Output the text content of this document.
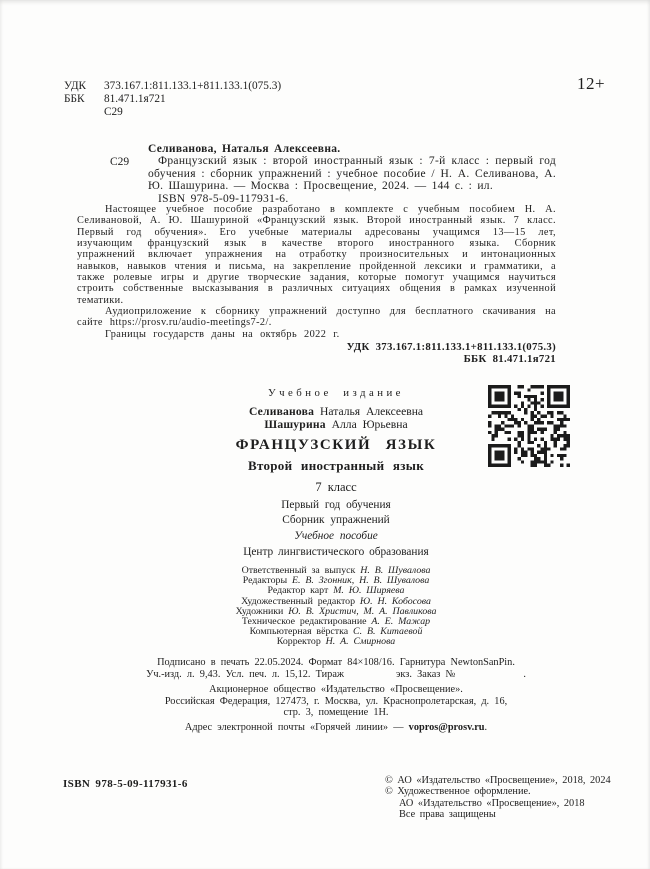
УДК 373.167.1:811.133.1+811.133.1(075.3)
ББК 81.471.1я721
С29
12+
С29
Селиванова, Наталья Алексеевна.
Французский язык : второй иностранный язык : 7-й класс : первый год обучения : сборник упражнений : учебное пособие / Н. А. Селиванова, А. Ю. Шашурина. — Москва : Просвещение, 2024. — 144 с. : ил.
ISBN 978-5-09-117931-6.

Настоящее учебное пособие разработано в комплекте с учебным пособием Н. А. Селивановой, А. Ю. Шашуриной «Французский язык. Второй иностранный язык. 7 класс. Первый год обучения». Его учебные материалы адресованы учащимся 13—15 лет, изучающим французский язык в качестве второго иностранного языка. Сборник упражнений включает упражнения на отработку произносительных и интонационных навыков, навыков чтения и письма, на закрепление пройденной лексики и грамматики, а также ролевые игры и другие творческие задания, которые помогут учащимся научиться строить собственные высказывания в различных ситуациях общения в рамках изученной тематики.

Аудиоприложение к сборнику упражнений доступно для бесплатного скачивания на сайте https://prosv.ru/audio-meetings7-2/.

Границы государств даны на октябрь 2022 г.

УДК 373.167.1:811.133.1+811.133.1(075.3)
ББК 81.471.1я721
Учебное издание
Селиванова Наталья Алексеевна
Шашурина Алла Юрьевна
ФРАНЦУЗСКИЙ ЯЗЫК
Второй иностранный язык
7 класс
Первый год обучения
Сборник упражнений
Учебное пособие
Центр лингвистического образования
Ответственный за выпуск Н. В. Шувалова
Редакторы Е. В. Згонник, Н. В. Шувалова
Редактор карт М. Ю. Ширяева
Художественный редактор Ю. Н. Кобосова
Художники Ю. В. Христич, М. А. Павликова
Техническое редактирование А. Е. Мажар
Компьютерная вёрстка С. В. Китаевой
Корректор Н. А. Смирнова
Подписано в печать 22.05.2024. Формат 84×108/16. Гарнитура NewtonSanPin.
Уч.-изд. л. 9,43. Усл. печ. л. 15,12. Тираж	экз. Заказ №	.
Акционерное общество «Издательство «Просвещение».
Российская Федерация, 127473, г. Москва, ул. Краснопролетарская, д. 16,
стр. 3, помещение 1Н.
Адрес электронной почты «Горячей линии» — vopros@prosv.ru.
ISBN 978-5-09-117931-6	© АО «Издательство «Просвещение», 2018, 2024
© Художественное оформление.
АО «Издательство «Просвещение», 2018
Все права защищены
